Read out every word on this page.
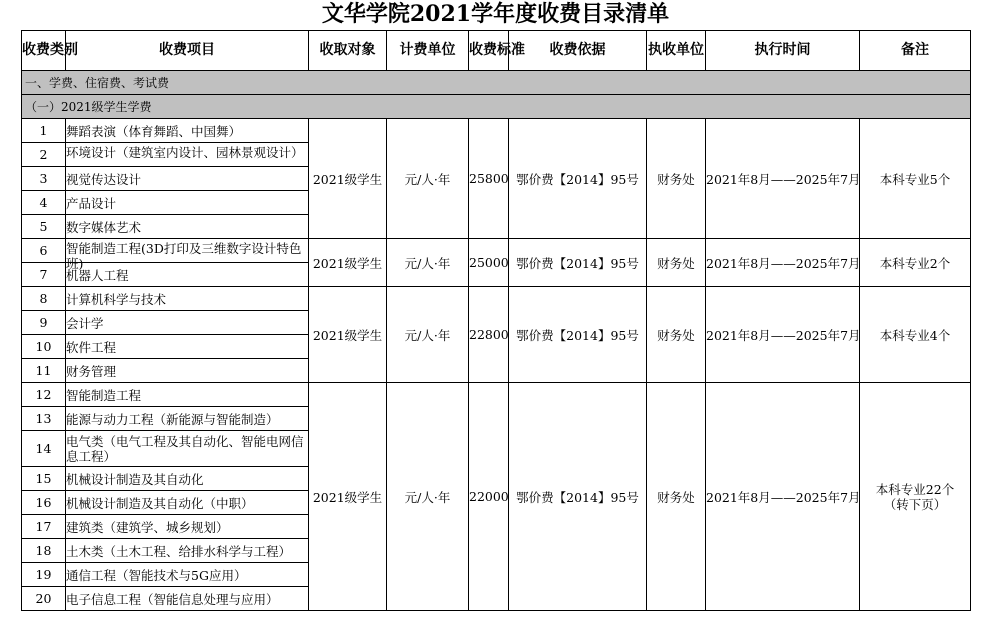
文华学院2021学年度收费目录清单
收费类别	收费项目	收取对象	计费单位	收费标准	收费依据	执收单位	执行时间	备注
一、学费、住宿费、考试费								
（一）2021级学生学费								
1	舞蹈表演（体育舞蹈、中国舞）	2021级学生	元/人·年	25800	鄂价费【2014】95号	财务处	2021年8月——2025年7月	本科专业5个
2	环境设计（建筑室内设计、园林景观设计）							

3	视觉传达设计							
4	产品设计							
5	数字媒体艺术							
6	智能制造工程(3D打印及三维数字设计特色班)	2021级学生	元/人·年	25000	鄂价费【2014】95号	财务处	2021年8月——2025年7月	本科专业2个
7	机器人工程							
8	计算机科学与技术	2021级学生	元/人·年	22800	鄂价费【2014】95号	财务处	2021年8月——2025年7月	本科专业4个
9	会计学							
10	软件工程							
11	财务管理							
12	智能制造工程	2021级学生	元/人·年	22000	鄂价费【2014】95号	财务处	2021年8月——2025年7月	本科专业22个
（转下页）

13	能源与动力工程（新能源与智能制造）							
14	电气类（电气工程及其自动化、智能电网信息工程）							

15	机械设计制造及其自动化							
16	机械设计制造及其自动化（中职）							
17	建筑类（建筑学、城乡规划）							
18	土木类（土木工程、给排水科学与工程）							
19	通信工程（智能技术与5G应用）							
20	电子信息工程（智能信息处理与应用）							
